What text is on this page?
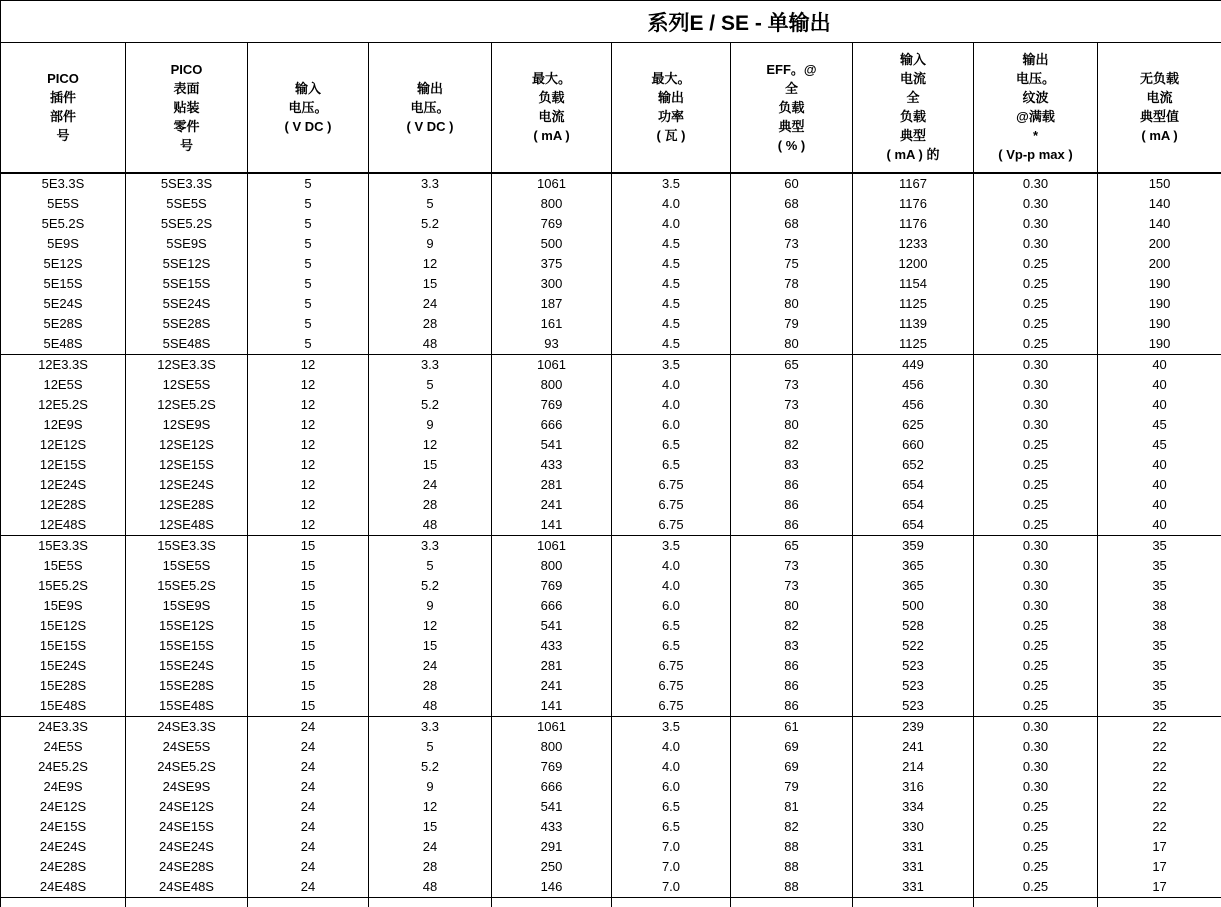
系列E / SE - 单输出									

PICO
插件
部件
号

PICO
表面
贴装
零件
号

输入
电压。
( V DC )

输出
电压。
( V DC )

最大。
负载
电流
( mA )

最大。
输出
功率
( 瓦 )

EFF。@
全
负载
典型
( % )

输入
电流
全
负载
典型
( mA ) 的

输出
电压。
纹波
@满载
*
( Vp-p max )

无负载
电流
典型值
( mA )

5E3.3S	5SE3.3S	5	3.3	1061	3.5	60	1167	0.30	150
5E5S	5SE5S	5	5	800	4.0	68	1176	0.30	140
5E5.2S	5SE5.2S	5	5.2	769	4.0	68	1176	0.30	140
5E9S	5SE9S	5	9	500	4.5	73	1233	0.30	200
5E12S	5SE12S	5	12	375	4.5	75	1200	0.25	200
5E15S	5SE15S	5	15	300	4.5	78	1154	0.25	190
5E24S	5SE24S	5	24	187	4.5	80	1125	0.25	190
5E28S	5SE28S	5	28	161	4.5	79	1139	0.25	190
5E48S	5SE48S	5	48	93	4.5	80	1125	0.25	190
12E3.3S	12SE3.3S	12	3.3	1061	3.5	65	449	0.30	40
12E5S	12SE5S	12	5	800	4.0	73	456	0.30	40
12E5.2S	12SE5.2S	12	5.2	769	4.0	73	456	0.30	40
12E9S	12SE9S	12	9	666	6.0	80	625	0.30	45
12E12S	12SE12S	12	12	541	6.5	82	660	0.25	45
12E15S	12SE15S	12	15	433	6.5	83	652	0.25	40
12E24S	12SE24S	12	24	281	6.75	86	654	0.25	40
12E28S	12SE28S	12	28	241	6.75	86	654	0.25	40
12E48S	12SE48S	12	48	141	6.75	86	654	0.25	40
15E3.3S	15SE3.3S	15	3.3	1061	3.5	65	359	0.30	35
15E5S	15SE5S	15	5	800	4.0	73	365	0.30	35
15E5.2S	15SE5.2S	15	5.2	769	4.0	73	365	0.30	35
15E9S	15SE9S	15	9	666	6.0	80	500	0.30	38
15E12S	15SE12S	15	12	541	6.5	82	528	0.25	38
15E15S	15SE15S	15	15	433	6.5	83	522	0.25	35
15E24S	15SE24S	15	24	281	6.75	86	523	0.25	35
15E28S	15SE28S	15	28	241	6.75	86	523	0.25	35
15E48S	15SE48S	15	48	141	6.75	86	523	0.25	35
24E3.3S	24SE3.3S	24	3.3	1061	3.5	61	239	0.30	22
24E5S	24SE5S	24	5	800	4.0	69	241	0.30	22
24E5.2S	24SE5.2S	24	5.2	769	4.0	69	214	0.30	22
24E9S	24SE9S	24	9	666	6.0	79	316	0.30	22
24E12S	24SE12S	24	12	541	6.5	81	334	0.25	22
24E15S	24SE15S	24	15	433	6.5	82	330	0.25	22
24E24S	24SE24S	24	24	291	7.0	88	331	0.25	17
24E28S	24SE28S	24	28	250	7.0	88	331	0.25	17
24E48S	24SE48S	24	48	146	7.0	88	331	0.25	17
